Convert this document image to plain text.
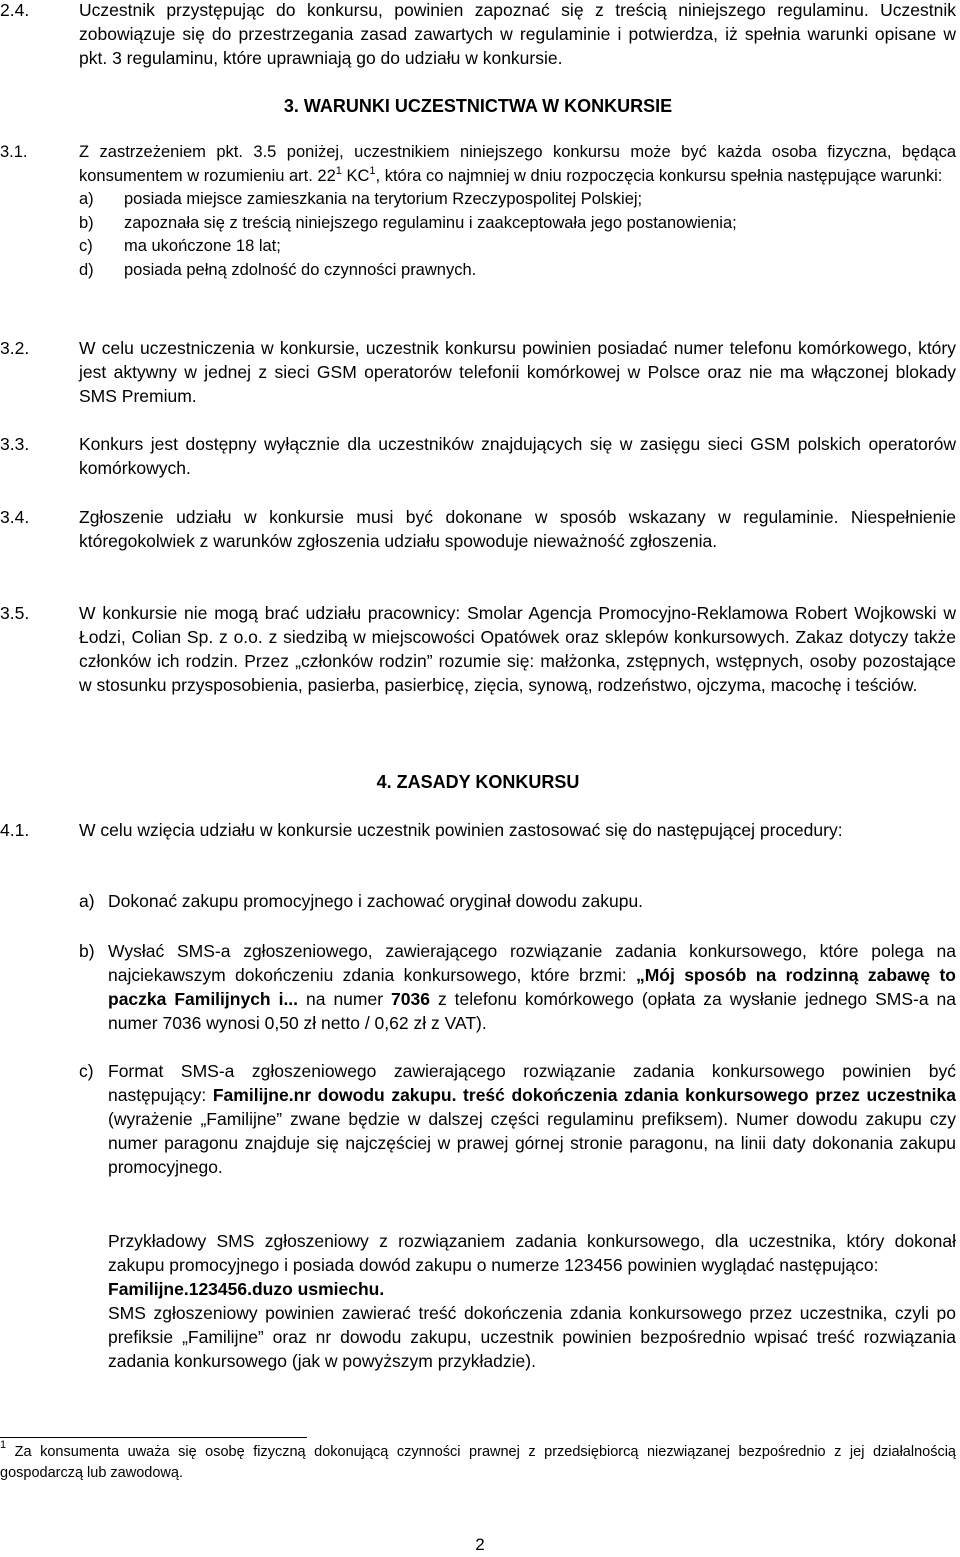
2.4.	Uczestnik przystępując do konkursu, powinien zapoznać się z treścią niniejszego regulaminu. Uczestnik zobowiązuje się do przestrzegania zasad zawartych w regulaminie i potwierdza, iż spełnia warunki opisane w pkt. 3 regulaminu, które uprawniają go do udziału w konkursie.
3. WARUNKI UCZESTNICTWA W KONKURSIE
3.1.	Z zastrzeżeniem pkt. 3.5 poniżej, uczestnikiem niniejszego konkursu może być każda osoba fizyczna, będąca konsumentem w rozumieniu art. $22^1$ $KC^1$, która co najmniej w dniu rozpoczęcia konkursu spełnia następujące warunki:

a)	posiada miejsce zamieszkania na terytorium Rzeczypospolitej Polskiej;
b)	zapoznała się z treścią niniejszego regulaminu i zaakceptowała jego postanowienia;
c)	ma ukończone 18 lat;
d)	posiada pełną zdolność do czynności prawnych.
3.2.	W celu uczestniczenia w konkursie, uczestnik konkursu powinien posiadać numer telefonu komórkowego, który jest aktywny w jednej z sieci GSM operatorów telefonii komórkowej w Polsce oraz nie ma włączonej blokady SMS Premium.
3.3.	Konkurs jest dostępny wyłącznie dla uczestników znajdujących się w zasięgu sieci GSM polskich operatorów komórkowych.
3.4.	Zgłoszenie udziału w konkursie musi być dokonane w sposób wskazany w regulaminie. Niespełnienie któregokolwiek z warunków zgłoszenia udziału spowoduje nieważność zgłoszenia.
3.5.	W konkursie nie mogą brać udziału pracownicy: Smolar Agencja Promocyjno-Reklamowa Robert Wojkowski w Łodzi, Colian Sp. z o.o. z siedzibą w miejscowości Opatówek oraz sklepów konkursowych. Zakaz dotyczy także członków ich rodzin. Przez „członków rodzin” rozumie się: małżonka, zstępnych, wstępnych, osoby pozostające w stosunku przysposobienia, pasierba, pasierbicę, zięcia, synową, rodzeństwo, ojczyma, macochę i teściów.
4. ZASADY KONKURSU
4.1.	W celu wzięcia udziału w konkursie uczestnik powinien zastosować się do następującej procedury:
a) Dokonać zakupu promocyjnego i zachować oryginał dowodu zakupu.
b) Wysłać SMS-a zgłoszeniowego, zawierającego rozwiązanie zadania konkursowego, które polega na najciekawszym dokończeniu zdania konkursowego, które brzmi: „Mój sposób na rodzinną zabawę to paczka Familijnych i... na numer 7036 z telefonu komórkowego (opłata za wysłanie jednego SMS-a na numer 7036 wynosi 0,50 zł netto / 0,62 zł z VAT).
c) Format SMS-a zgłoszeniowego zawierającego rozwiązanie zadania konkursowego powinien być następujący: Familijne.nr dowodu zakupu. treść dokończenia zdania konkursowego przez uczestnika (wyrażenie „Familijne” zwane będzie w dalszej części regulaminu prefiksem). Numer dowodu zakupu czy numer paragonu znajduje się najczęściej w prawej górnej stronie paragonu, na linii daty dokonania zakupu promocyjnego.
Przykładowy SMS zgłoszeniowy z rozwiązaniem zadania konkursowego, dla uczestnika, który dokonał zakupu promocyjnego i posiada dowód zakupu o numerze 123456 powinien wyglądać następująco:
Familijne.123456.duzo usmiechu.
SMS zgłoszeniowy powinien zawierać treść dokończenia zdania konkursowego przez uczestnika, czyli po prefiksie „Familijne” oraz nr dowodu zakupu, uczestnik powinien bezpośrednio wpisać treść rozwiązania zadania konkursowego (jak w powyższym przykładzie).
$^1$ Za konsumenta uważa się osobę fizyczną dokonującą czynności prawnej z przedsiębiorcą niezwiązanej bezpośrednio z jej działalnością gospodarczą lub zawodową.
2
